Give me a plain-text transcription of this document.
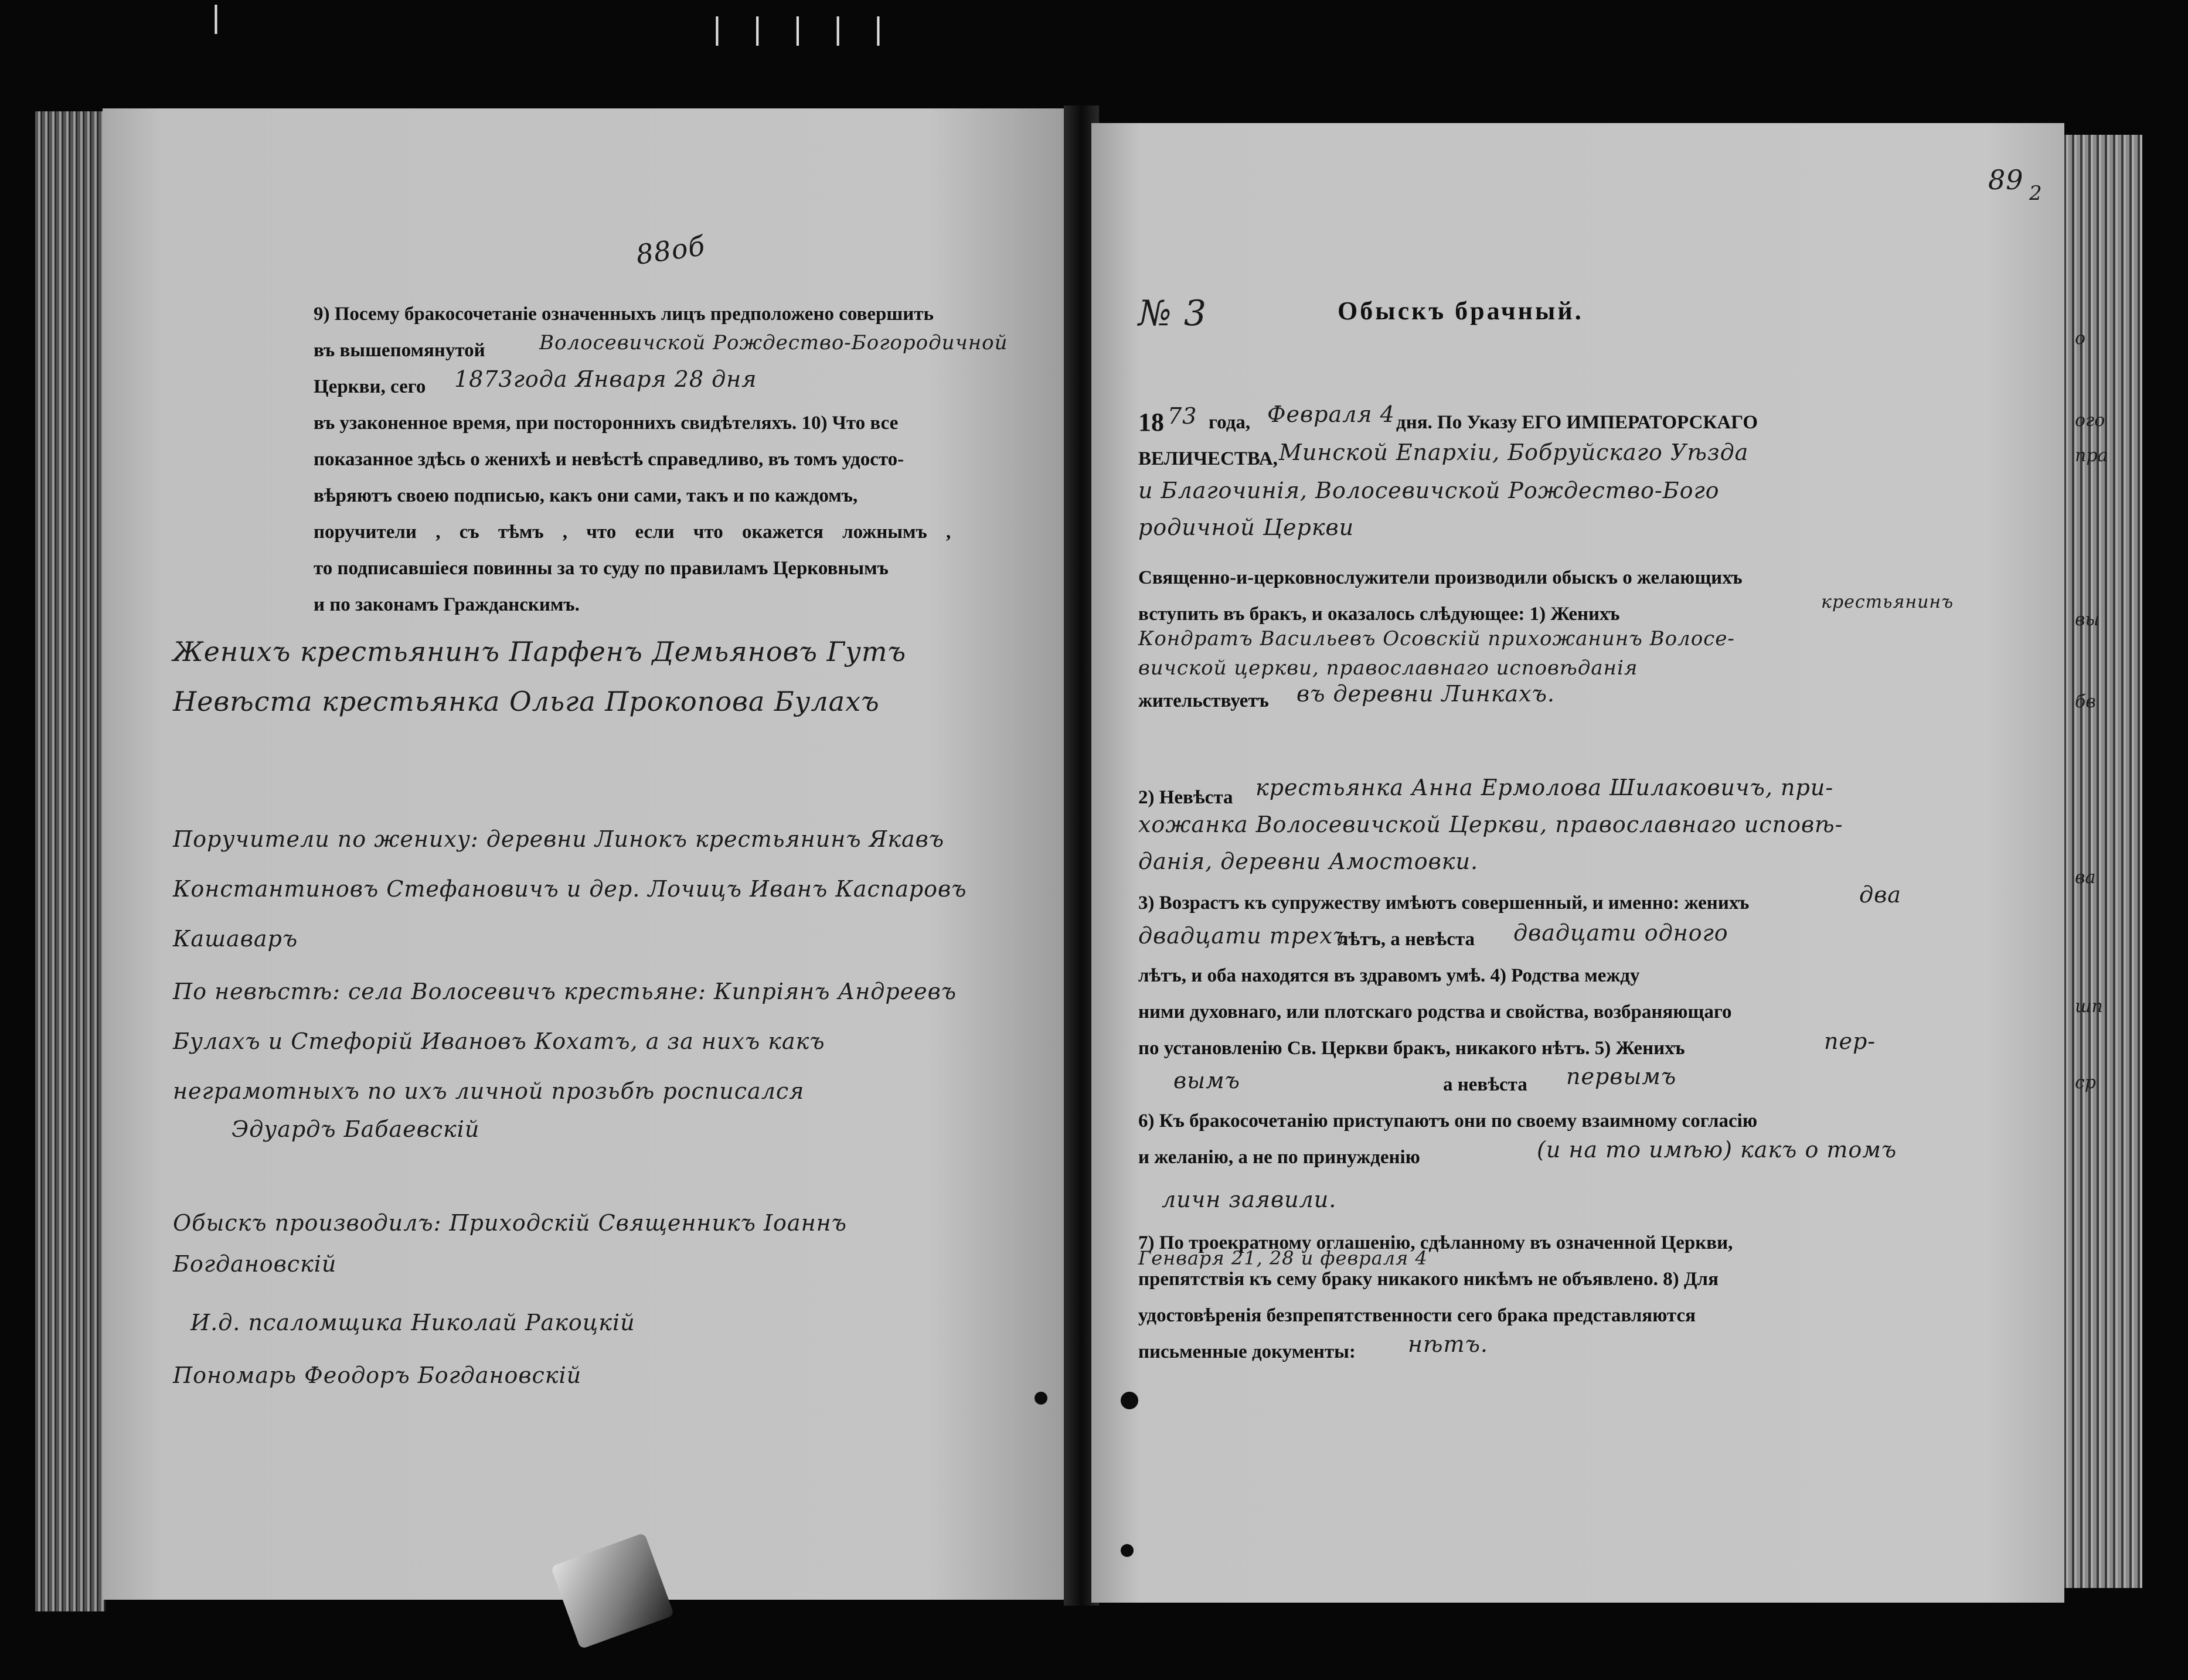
|	| | | | |
88об
9) Посему бракосочетаніе означенныхъ лицъ предположено совершить
въ вышепомянутой	Волосевичской Рождество-Богородичной
Церкви, сего 1873года Января 28 дня
въ узаконенное время, при постороннихъ свидѣтеляхъ. 10) Что все
показанное здѣсь о женихѣ и невѣстѣ справедливо, въ томъ удосто-
вѣряютъ своею подписью, какъ они сами, такъ и по каждомъ,
поручители , съ тѣмъ , что если что окажется ложнымъ ,
то подписавшіеся повинны за то суду по правиламъ Церковнымъ
и по законамъ Гражданскимъ.
Женихъ крестьянинъ Парфенъ Демьяновъ Гутъ
Невѣста крестьянка Ольга Прокопова Булахъ
Поручители по жениху: деревни Линокъ крестьянинъ Якавъ
Константиновъ Стефановичъ и дер. Лочицъ Иванъ Каспаровъ
Кашаваръ
По невѣстѣ: села Волосевичъ крестьяне: Кипріянъ Андреевъ
Булахъ и Стефорій Ивановъ Кохатъ, а за нихъ какъ
неграмотныхъ по ихъ личной прозьбѣ росписался
Эдуардъ Бабаевскій
Обыскъ производилъ: Приходскій Священникъ Іоаннъ
Богдановскій
И.д. псаломщика Николай Ракоцкій
Пономарь Феодоръ Богдановскій
89 2
№ 3	Обыскъ брачный.
18 73 года, Февраля 4 дня. По Указу ЕГО ИМПЕРАТОРСКАГО
ВЕЛИЧЕСТВА, Минской Епархіи, Бобруйскаго Уѣзда
и Благочинія, Волосевичской Рождество-Бого
родичной Церкви
Священно-и-церковнослужители производили обыскъ о желающихъ
вступить въ бракъ, и оказалось слѣдующее: 1) Женихъ
крестьянинъ
Кондратъ Васильевъ Осовскій прихожанинъ Волосе-
вичской церкви, православнаго исповѣданія
жительствуетъ въ деревни Линкахъ.
2) Невѣста крестьянка Анна Ермолова Шилаковичъ, при-
хожанка Волосевичской Церкви, православнаго исповѣ-
данія, деревни Амостовки.
3) Возрастъ къ супружеству имѣютъ совершенный, и именно: женихъ	два
двадцати трехъ
лѣтъ, а невѣста двадцати одного
лѣтъ, и оба находятся въ здравомъ умѣ. 4) Родства между
ними духовнаго, или плотскаго родства и свойства, возбраняющаго
по установленію Св. Церкви бракъ, никакого нѣтъ. 5) Женихъ	пер-
вымъ	а невѣста первымъ
6) Къ бракосочетанію приступаютъ они по своему взаимному согласію
и желанію, а не по принужденію	(и на то имѣю) какъ о томъ
личн заявили.
7) По троекратному оглашенію, сдѣланному въ означенной Церкви,
Генваря 21, 28 и февраля 4
препятствія къ сему браку никакого никѣмъ не объявлено. 8) Для
удостовѣренія безпрепятственности сего брака представляются
письменные документы: нѣтъ.
о
ого
пра
вы
бв
ва
шп
ср
